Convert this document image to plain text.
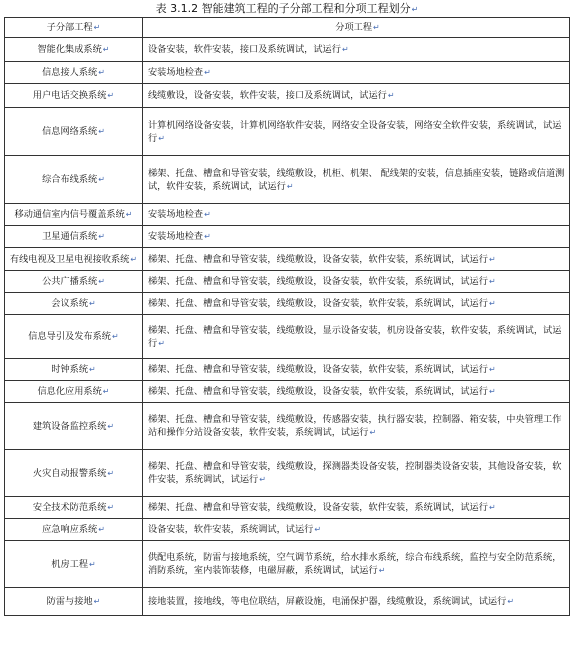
表 3.1.2 智能建筑工程的子分部工程和分项工程划分↵
子分部工程↵	分项工程↵
智能化集成系统↵	设备安装，软件安装，接口及系统调试，试运行↵
信息接人系统↵	安装场地检查↵
用户电话交换系统↵	线缆敷设，设备安装，软件安装，接口及系统调试，试运行↵
信息网络系统↵	计算机网络设备安装，计算机网络软件安装，网络安全设备安装，网络安全软件安装，系统调试，试运行↵
综合布线系统↵	梯架、托盘、槽盒和导管安装，线缆敷设，机柜、机架、 配线架的安装，信息插座安装，链路或信道测试，软件安装，系统调试，试运行↵
移动通信室内信号覆盖系统↵	安装场地检查↵
卫星通信系统↵	安装场地检查↵
有线电视及卫星电视接收系统↵	梯架、托盘、槽盒和导管安装，线缆敷设，设备安装，软件安装，系统调试，试运行↵
公共广播系统↵	梯架、托盘、槽盒和导管安装，线缆敷设，设备安装，软件安装，系统调试，试运行↵
会议系统↵	梯架、托盘、槽盒和导管安装，线缆敷设，设备安装，软件安装，系统调试，试运行↵
信息导引及发布系统↵	梯架、托盘、槽盒和导管安装，线缆敷设，显示设备安装，机房设备安装，软件安装，系统调试，试运行↵
时钟系统↵	梯架、托盘、槽盒和导管安装，线缆敷设，设备安装，软件安装，系统调试，试运行↵
信息化应用系统↵	梯架、托盘、槽盒和导管安装，线缆敷设，设备安装，软件安装，系统调试，试运行↵
建筑设备监控系统↵	梯架、托盘、槽盒和导管安装，线缆敷设，传感器安装，执行器安装，控制器、箱安装，中央管理工作站和操作分站设备安装，软件安装，系统调试，试运行↵
火灾自动报警系统↵	梯架、托盘、槽盒和导管安装，线缆敷设，探测器类设备安装，控制器类设备安装，其他设备安装，软件安装，系统调试，试运行↵
安全技术防范系统↵	梯架、托盘、槽盒和导管安装，线缆敷设，设备安装，软件安装，系统调试，试运行↵
应急响应系统↵	设备安装，软件安装，系统调试，试运行↵
机房工程↵	供配电系统，防雷与接地系统，空气调节系统，给水排水系统，综合布线系统，监控与安全防范系统，消防系统，室内装饰装修，电磁屏蔽，系统调试，试运行↵
防雷与接地↵	接地装置，接地线，等电位联结，屏蔽设施，电涌保护器，线缆敷设，系统调试，试运行↵
